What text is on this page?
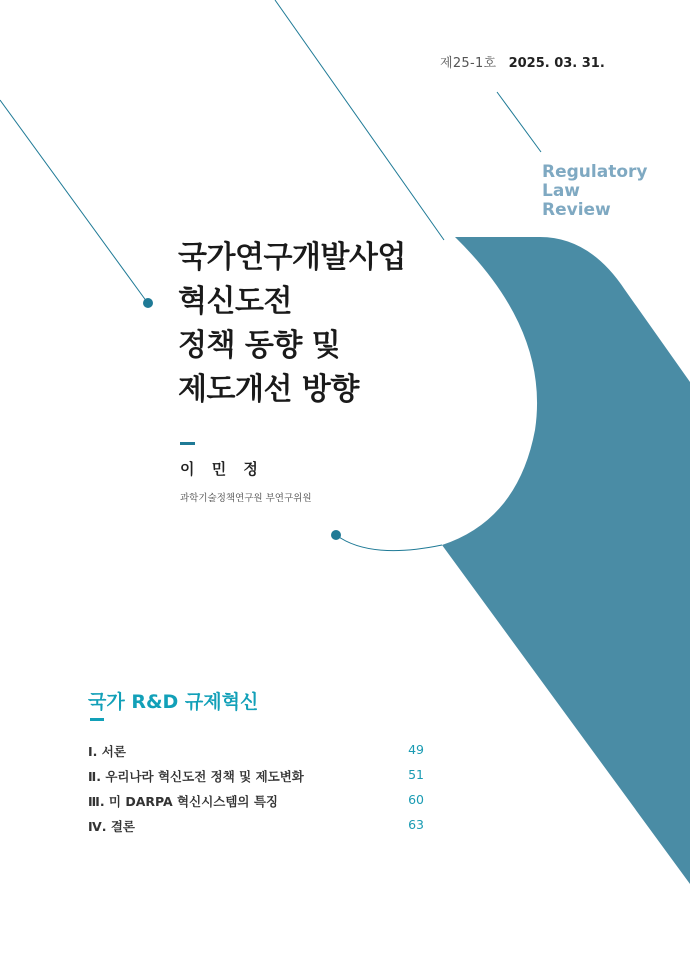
제25-1호 2025. 03. 31.
Regulatory
Law
Review
국가연구개발사업
혁신도전
정책 동향 및
제도개선 방향
이 민 정
과학기술정책연구원 부연구위원
국가 R&D 규제혁신
Ⅰ. 서론	49
Ⅱ. 우리나라 혁신도전 정책 및 제도변화	51
Ⅲ. 미 DARPA 혁신시스템의 특징	60
Ⅳ. 결론	63
